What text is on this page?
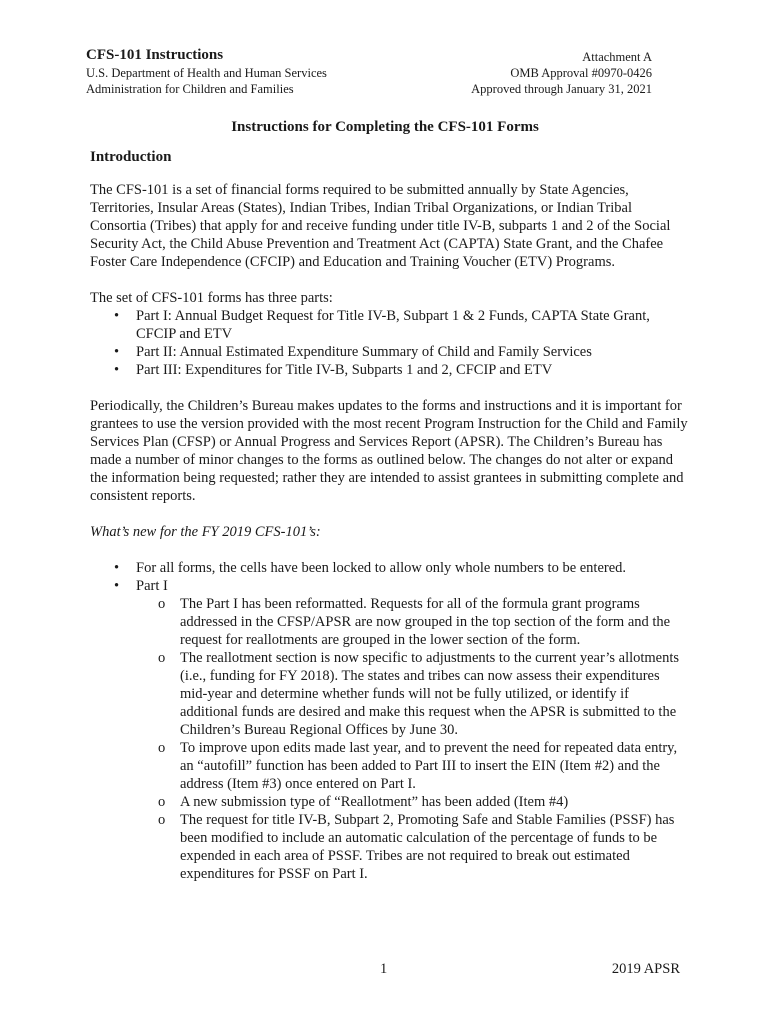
CFS-101 Instructions
U.S. Department of Health and Human Services
Administration for Children and Families
Attachment A
OMB Approval #0970-0426
Approved through January 31, 2021
Instructions for Completing the CFS-101 Forms
Introduction

The CFS-101 is a set of financial forms required to be submitted annually by State Agencies, Territories, Insular Areas (States), Indian Tribes, Indian Tribal Organizations, or Indian Tribal Consortia (Tribes) that apply for and receive funding under title IV-B, subparts 1 and 2 of the Social Security Act, the Child Abuse Prevention and Treatment Act (CAPTA) State Grant, and the Chafee Foster Care Independence (CFCIP) and Education and Training Voucher (ETV) Programs.

The set of CFS-101 forms has three parts:

• Part I: Annual Budget Request for Title IV-B, Subpart 1 & 2 Funds, CAPTA State Grant, CFCIP and ETV
• Part II: Annual Estimated Expenditure Summary of Child and Family Services
• Part III: Expenditures for Title IV-B, Subparts 1 and 2, CFCIP and ETV

Periodically, the Children’s Bureau makes updates to the forms and instructions and it is important for grantees to use the version provided with the most recent Program Instruction for the Child and Family Services Plan (CFSP) or Annual Progress and Services Report (APSR). The Children’s Bureau has made a number of minor changes to the forms as outlined below. The changes do not alter or expand the information being requested; rather they are intended to assist grantees in submitting complete and consistent reports.

What’s new for the FY 2019 CFS-101’s:

• For all forms, the cells have been locked to allow only whole numbers to be entered.
• Part I
o The Part I has been reformatted. Requests for all of the formula grant programs addressed in the CFSP/APSR are now grouped in the top section of the form and the request for reallotments are grouped in the lower section of the form.
o The reallotment section is now specific to adjustments to the current year’s allotments (i.e., funding for FY 2018). The states and tribes can now assess their expenditures mid-year and determine whether funds will not be fully utilized, or identify if additional funds are desired and make this request when the APSR is submitted to the Children’s Bureau Regional Offices by June 30.
o To improve upon edits made last year, and to prevent the need for repeated data entry, an “autofill” function has been added to Part III to insert the EIN (Item #2) and the address (Item #3) once entered on Part I.
o A new submission type of “Reallotment” has been added (Item #4)
o The request for title IV-B, Subpart 2, Promoting Safe and Stable Families (PSSF) has been modified to include an automatic calculation of the percentage of funds to be expended in each area of PSSF. Tribes are not required to break out estimated expenditures for PSSF on Part I.
1	2019 APSR
